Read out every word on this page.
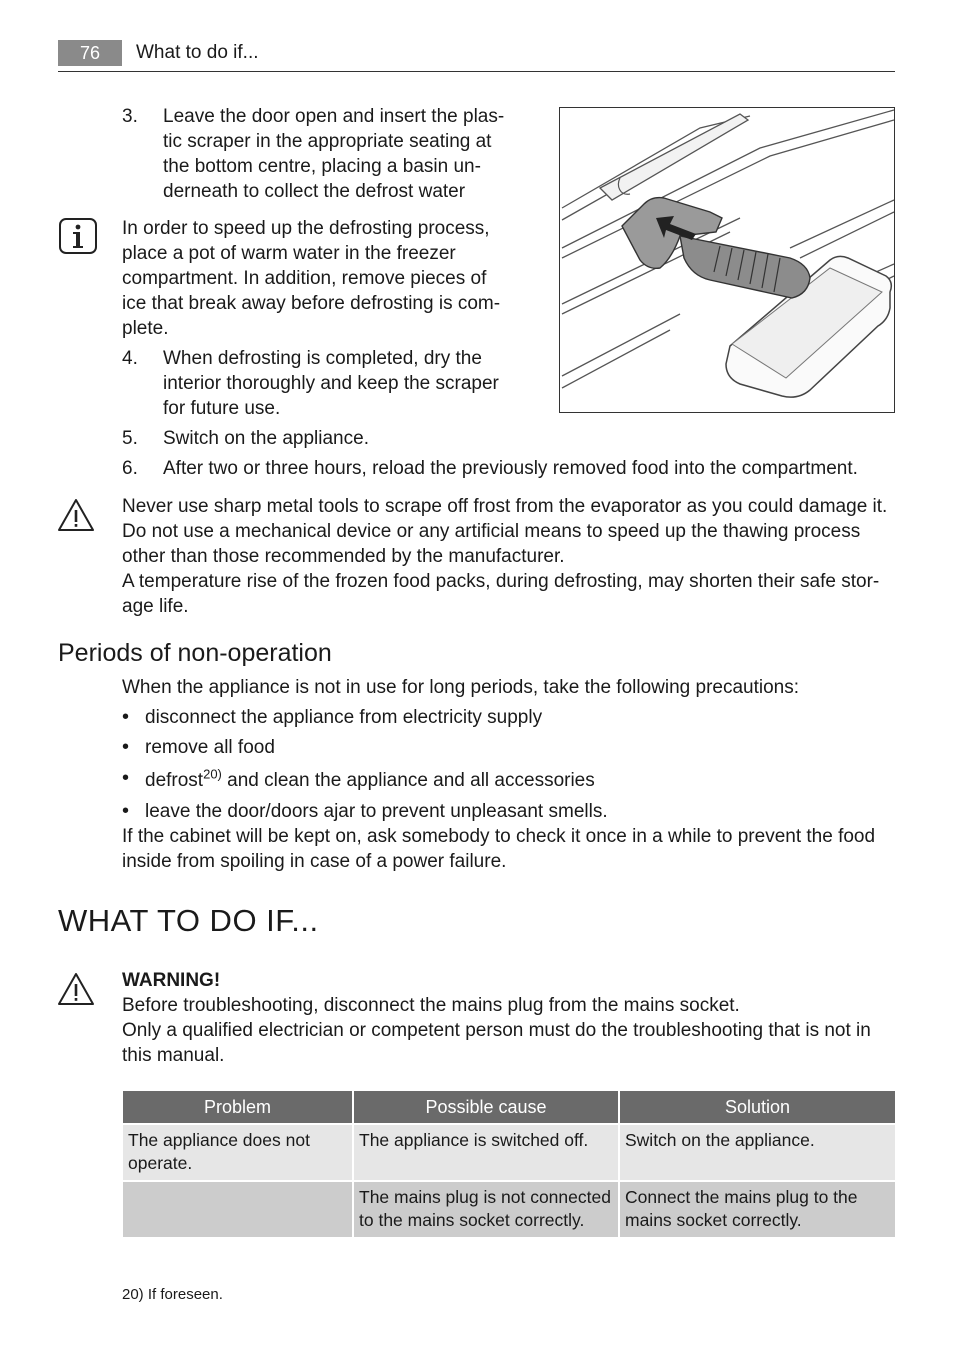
76	What to do if...
3.	Leave the door open and insert the plas-
tic scraper in the appropriate seating at
the bottom centre, placing a basin un-
derneath to collect the defrost water
In order to speed up the defrosting process,
place a pot of warm water in the freezer
compartment. In addition, remove pieces of
ice that break away before defrosting is com-
plete.
4.	When defrosting is completed, dry the
interior thoroughly and keep the scraper
for future use.
5.	Switch on the appliance.
6.	After two or three hours, reload the previously removed food into the compartment.
Never use sharp metal tools to scrape off frost from the evaporator as you could damage it.
Do not use a mechanical device or any artificial means to speed up the thawing process
other than those recommended by the manufacturer.
A temperature rise of the frozen food packs, during defrosting, may shorten their safe stor-
age life.
Periods of non-operation
When the appliance is not in use for long periods, take the following precautions:
• disconnect the appliance from electricity supply
• remove all food
• defrost$^{20)}$ and clean the appliance and all accessories
• leave the door/doors ajar to prevent unpleasant smells.
If the cabinet will be kept on, ask somebody to check it once in a while to prevent the food
inside from spoiling in case of a power failure.
WHAT TO DO IF...
WARNING!
Before troubleshooting, disconnect the mains plug from the mains socket.
Only a qualified electrician or competent person must do the troubleshooting that is not in
this manual.
Problem	Possible cause	Solution
The appliance does not operate.	The appliance is switched off.	Switch on the appliance.
	The mains plug is not connected to the mains socket correctly.	Connect the mains plug to the mains socket correctly.
20) If foreseen.
